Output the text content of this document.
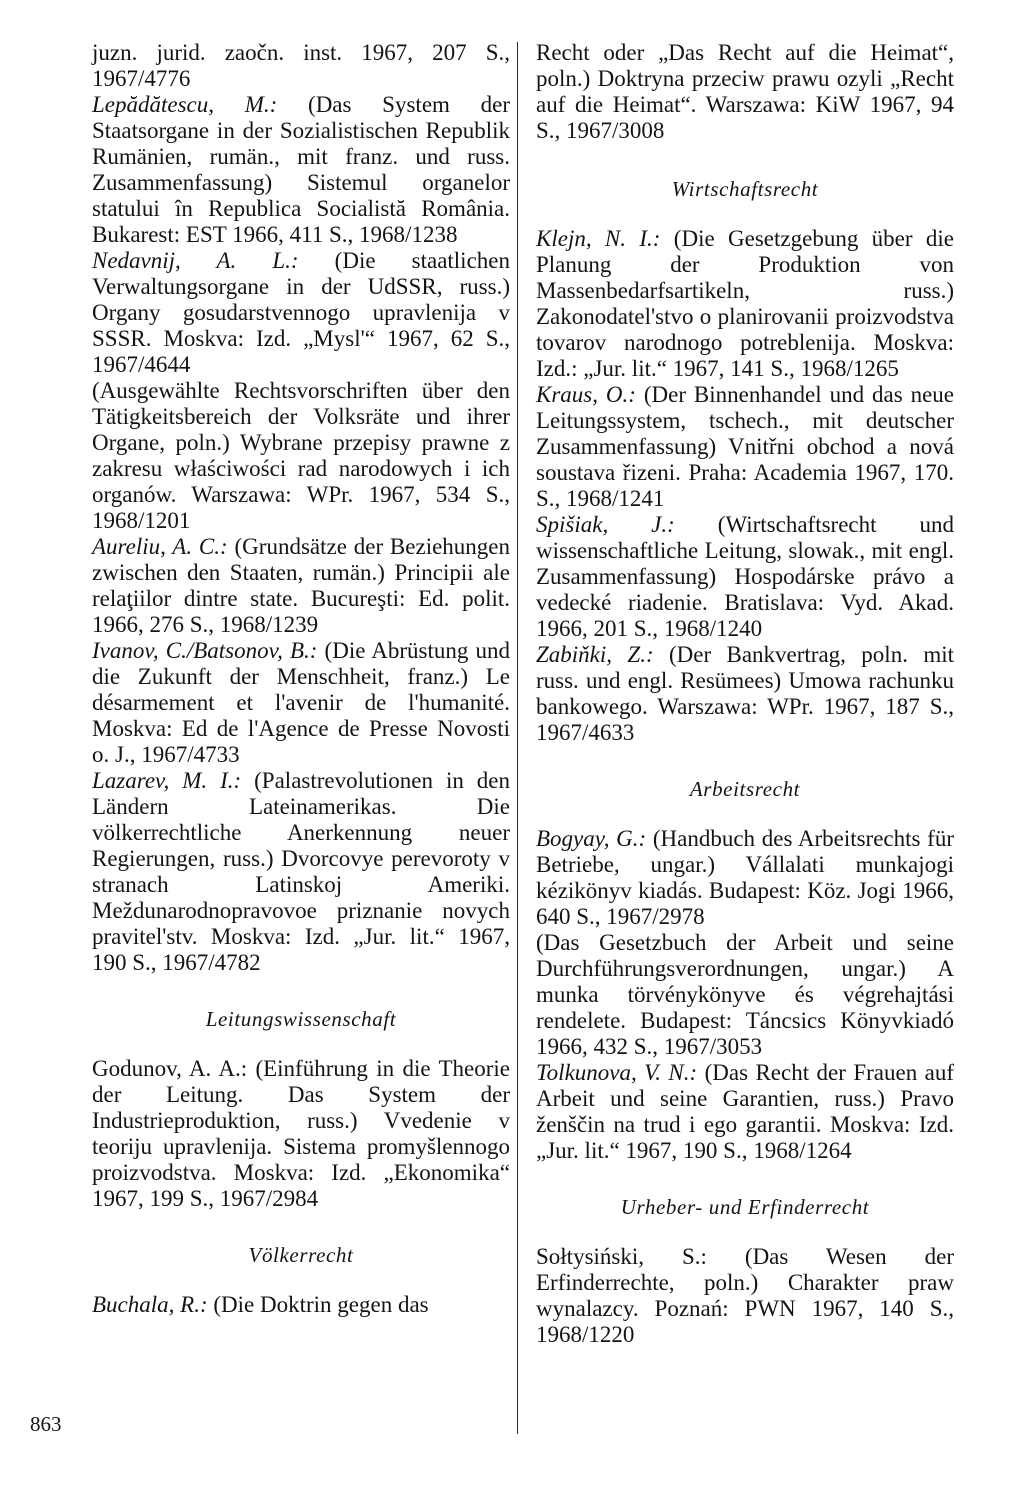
juzn. jurid. zaočn. inst. 1967, 207 S., 1967/4776

Lepădătescu, M.: (Das System der Staatsorgane in der Sozialistischen Republik Rumänien, rumän., mit franz. und russ. Zusammenfassung) Sistemul organelor statului în Republica Socialistă România. Bukarest: EST 1966, 411 S., 1968/1238

Nedavnij, A. L.: (Die staatlichen Verwaltungsorgane in der UdSSR, russ.) Organy gosudarstvennogo upravlenija v SSSR. Moskva: Izd. „Mysl'“ 1967, 62 S., 1967/4644

(Ausgewählte Rechtsvorschriften über den Tätigkeitsbereich der Volksräte und ihrer Organe, poln.) Wybrane przepisy prawne z zakresu właściwości rad narodowych i ich organów. Warszawa: WPr. 1967, 534 S., 1968/1201

Aureliu, A. C.: (Grundsätze der Beziehungen zwischen den Staaten, rumän.) Principii ale relaţiilor dintre state. Bucureşti: Ed. polit. 1966, 276 S., 1968/1239

Ivanov, C./Batsonov, B.: (Die Abrüstung und die Zukunft der Menschheit, franz.) Le désarmement et l'avenir de l'humanité. Moskva: Ed de l'Agence de Presse Novosti o. J., 1967/4733

Lazarev, M. I.: (Palastrevolutionen in den Ländern Lateinamerikas. Die völkerrechtliche Anerkennung neuer Regierungen, russ.) Dvorcovye perevoroty v stranach Latinskoj Ameriki. Meždunarodnopravovoe priznanie novych pravitel'stv. Moskva: Izd. „Jur. lit.“ 1967, 190 S., 1967/4782

Leitungswissenschaft

Godunov, A. A.: (Einführung in die Theorie der Leitung. Das System der Industrieproduktion, russ.) Vvedenie v teoriju upravlenija. Sistema promyšlennogo proizvodstva. Moskva: Izd. „Ekonomika“ 1967, 199 S., 1967/2984

Völkerrecht

Buchala, R.: (Die Doktrin gegen das

Recht oder „Das Recht auf die Heimat“, poln.) Doktryna przeciw prawu ozyli „Recht auf die Heimat“. Warszawa: KiW 1967, 94 S., 1967/3008

Wirtschaftsrecht

Klejn, N. I.: (Die Gesetzgebung über die Planung der Produktion von Massenbedarfsartikeln, russ.) Zakonodatel'stvo o planirovanii proizvodstva tovarov narodnogo potreblenija. Moskva: Izd.: „Jur. lit.“ 1967, 141 S., 1968/1265

Kraus, O.: (Der Binnenhandel und das neue Leitungssystem, tschech., mit deutscher Zusammenfassung) Vnitřni obchod a nová soustava řizeni. Praha: Academia 1967, 170. S., 1968/1241

Spišiak, J.: (Wirtschaftsrecht und wissenschaftliche Leitung, slowak., mit engl. Zusammenfassung) Hospodárske právo a vedecké riadenie. Bratislava: Vyd. Akad. 1966, 201 S., 1968/1240

Zabiňki, Z.: (Der Bankvertrag, poln. mit russ. und engl. Resümees) Umowa rachunku bankowego. Warszawa: WPr. 1967, 187 S., 1967/4633

Arbeitsrecht

Bogyay, G.: (Handbuch des Arbeitsrechts für Betriebe, ungar.) Vállalati munkajogi kézikönyv kiadás. Budapest: Köz. Jogi 1966, 640 S., 1967/2978

(Das Gesetzbuch der Arbeit und seine Durchführungsverordnungen, ungar.) A munka törvénykönyve és végrehajtási rendelete. Budapest: Táncsics Könyvkiadó 1966, 432 S., 1967/3053

Tolkunova, V. N.: (Das Recht der Frauen auf Arbeit und seine Garantien, russ.) Pravo ženščin na trud i ego garantii. Moskva: Izd. „Jur. lit.“ 1967, 190 S., 1968/1264

Urheber- und Erfinderrecht

Sołtysiński, S.: (Das Wesen der Erfinderrechte, poln.) Charakter praw wynalazcy. Poznań: PWN 1967, 140 S., 1968/1220

863
